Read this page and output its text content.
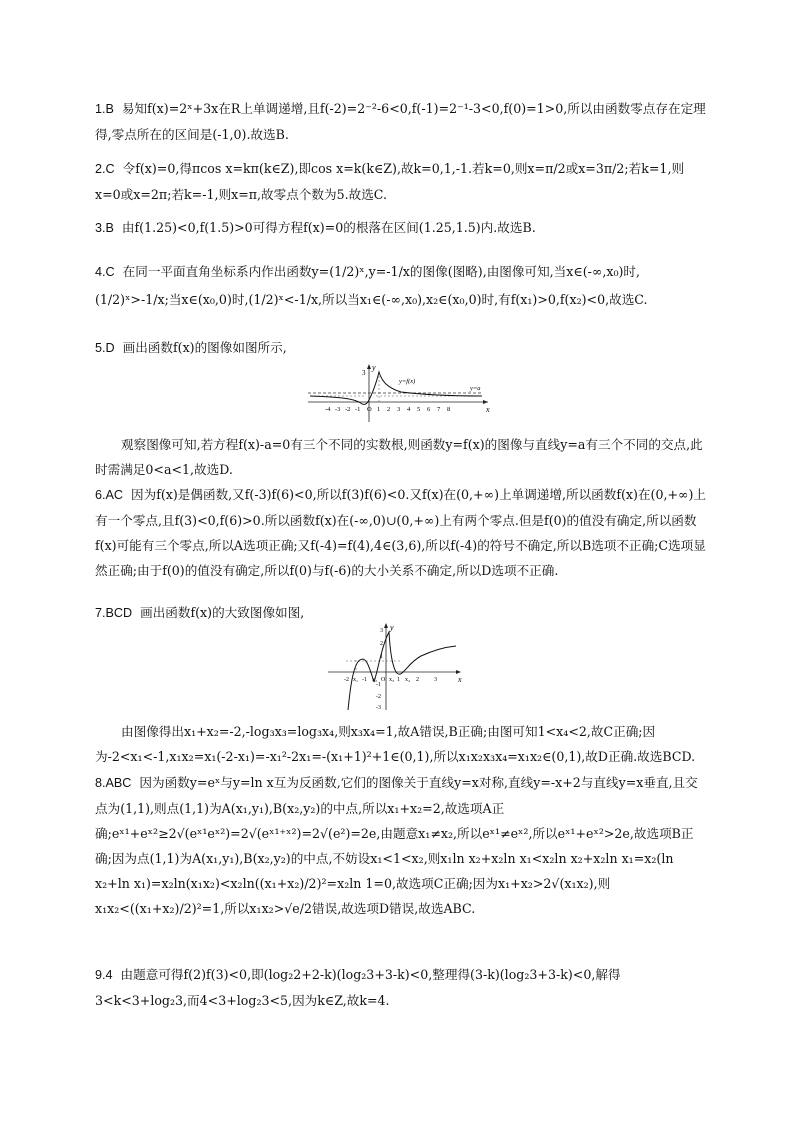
1.B 易知f(x)=2ˣ+3x在R上单调递增,且f(-2)=2⁻²-6<0,f(-1)=2⁻¹-3<0,f(0)=1>0,所以由函数零点存在定理得,零点所在的区间是(-1,0).故选B.

2.C 令f(x)=0,得πcos x=kπ(k∈Z),即cos x=k(k∈Z),故k=0,1,-1.若k=0,则x=π/2或x=3π/2;若k=1,则x=0或x=2π;若k=-1,则x=π,故零点个数为5.故选C.

3.B 由f(1.25)<0,f(1.5)>0可得方程f(x)=0的根落在区间(1.25,1.5)内.故选B.

4.C 在同一平面直角坐标系内作出函数y=(1/2)ˣ,y=-1/x的图像(图略),由图像可知,当x∈(-∞,x₀)时,(1/2)ˣ>-1/x;当x∈(x₀,0)时,(1/2)ˣ<-1/x,所以当x₁∈(-∞,x₀),x₂∈(x₀,0)时,有f(x₁)>0,f(x₂)<0,故选C.

5.D 画出函数f(x)的图像如图所示,

3
y
x
y=f(x)
y=a
-4 -3 -2 -1 O 1 2 3 4 5 6 7 8

观察图像可知,若方程f(x)-a=0有三个不同的实数根,则函数y=f(x)的图像与直线y=a有三个不同的交点,此时需满足0<a<1,故选D.

6.AC 因为f(x)是偶函数,又f(-3)f(6)<0,所以f(3)f(6)<0.又f(x)在(0,+∞)上单调递增,所以函数f(x)在(0,+∞)上有一个零点,且f(3)<0,f(6)>0.所以函数f(x)在(-∞,0)∪(0,+∞)上有两个零点.但是f(0)的值没有确定,所以函数f(x)可能有三个零点,所以A选项正确;又f(-4)=f(4),4∈(3,6),所以f(-4)的符号不确定,所以B选项不正确;C选项显然正确;由于f(0)的值没有确定,所以f(0)与f(-6)的大小关系不确定,所以D选项不正确.

7.BCD 画出函数f(x)的大致图像如图,

y
x
3
2
1
-1
-2
-3
-2 x₁ -1 x₂ O x₃ 1 x₄ 2	3

由图像得出x₁+x₂=-2,-log₃x₃=log₃x₄,则x₃x₄=1,故A错误,B正确;由图可知1<x₄<2,故C正确;因为-2<x₁<-1,x₁x₂=x₁(-2-x₁)=-x₁²-2x₁=-(x₁+1)²+1∈(0,1),所以x₁x₂x₃x₄=x₁x₂∈(0,1),故D正确.故选BCD.

8.ABC 因为函数y=eˣ与y=ln x互为反函数,它们的图像关于直线y=x对称,直线y=-x+2与直线y=x垂直,且交点为(1,1),则点(1,1)为A(x₁,y₁),B(x₂,y₂)的中点,所以x₁+x₂=2,故选项A正确;eˣ¹+eˣ²≥2√(eˣ¹eˣ²)=2√(eˣ¹⁺ˣ²)=2√(e²)=2e,由题意x₁≠x₂,所以eˣ¹≠eˣ²,所以eˣ¹+eˣ²>2e,故选项B正确;因为点(1,1)为A(x₁,y₁),B(x₂,y₂)的中点,不妨设x₁<1<x₂,则x₁ln x₂+x₂ln x₁<x₂ln x₂+x₂ln x₁=x₂(ln x₂+ln x₁)=x₂ln(x₁x₂)<x₂ln((x₁+x₂)/2)²=x₂ln 1=0,故选项C正确;因为x₁+x₂>2√(x₁x₂),则x₁x₂<((x₁+x₂)/2)²=1,所以x₁x₂>√e/2错误,故选项D错误,故选ABC.

9.4 由题意可得f(2)f(3)<0,即(log₂2+2-k)(log₂3+3-k)<0,整理得(3-k)(log₂3+3-k)<0,解得3<k<3+log₂3,而4<3+log₂3<5,因为k∈Z,故k=4.
